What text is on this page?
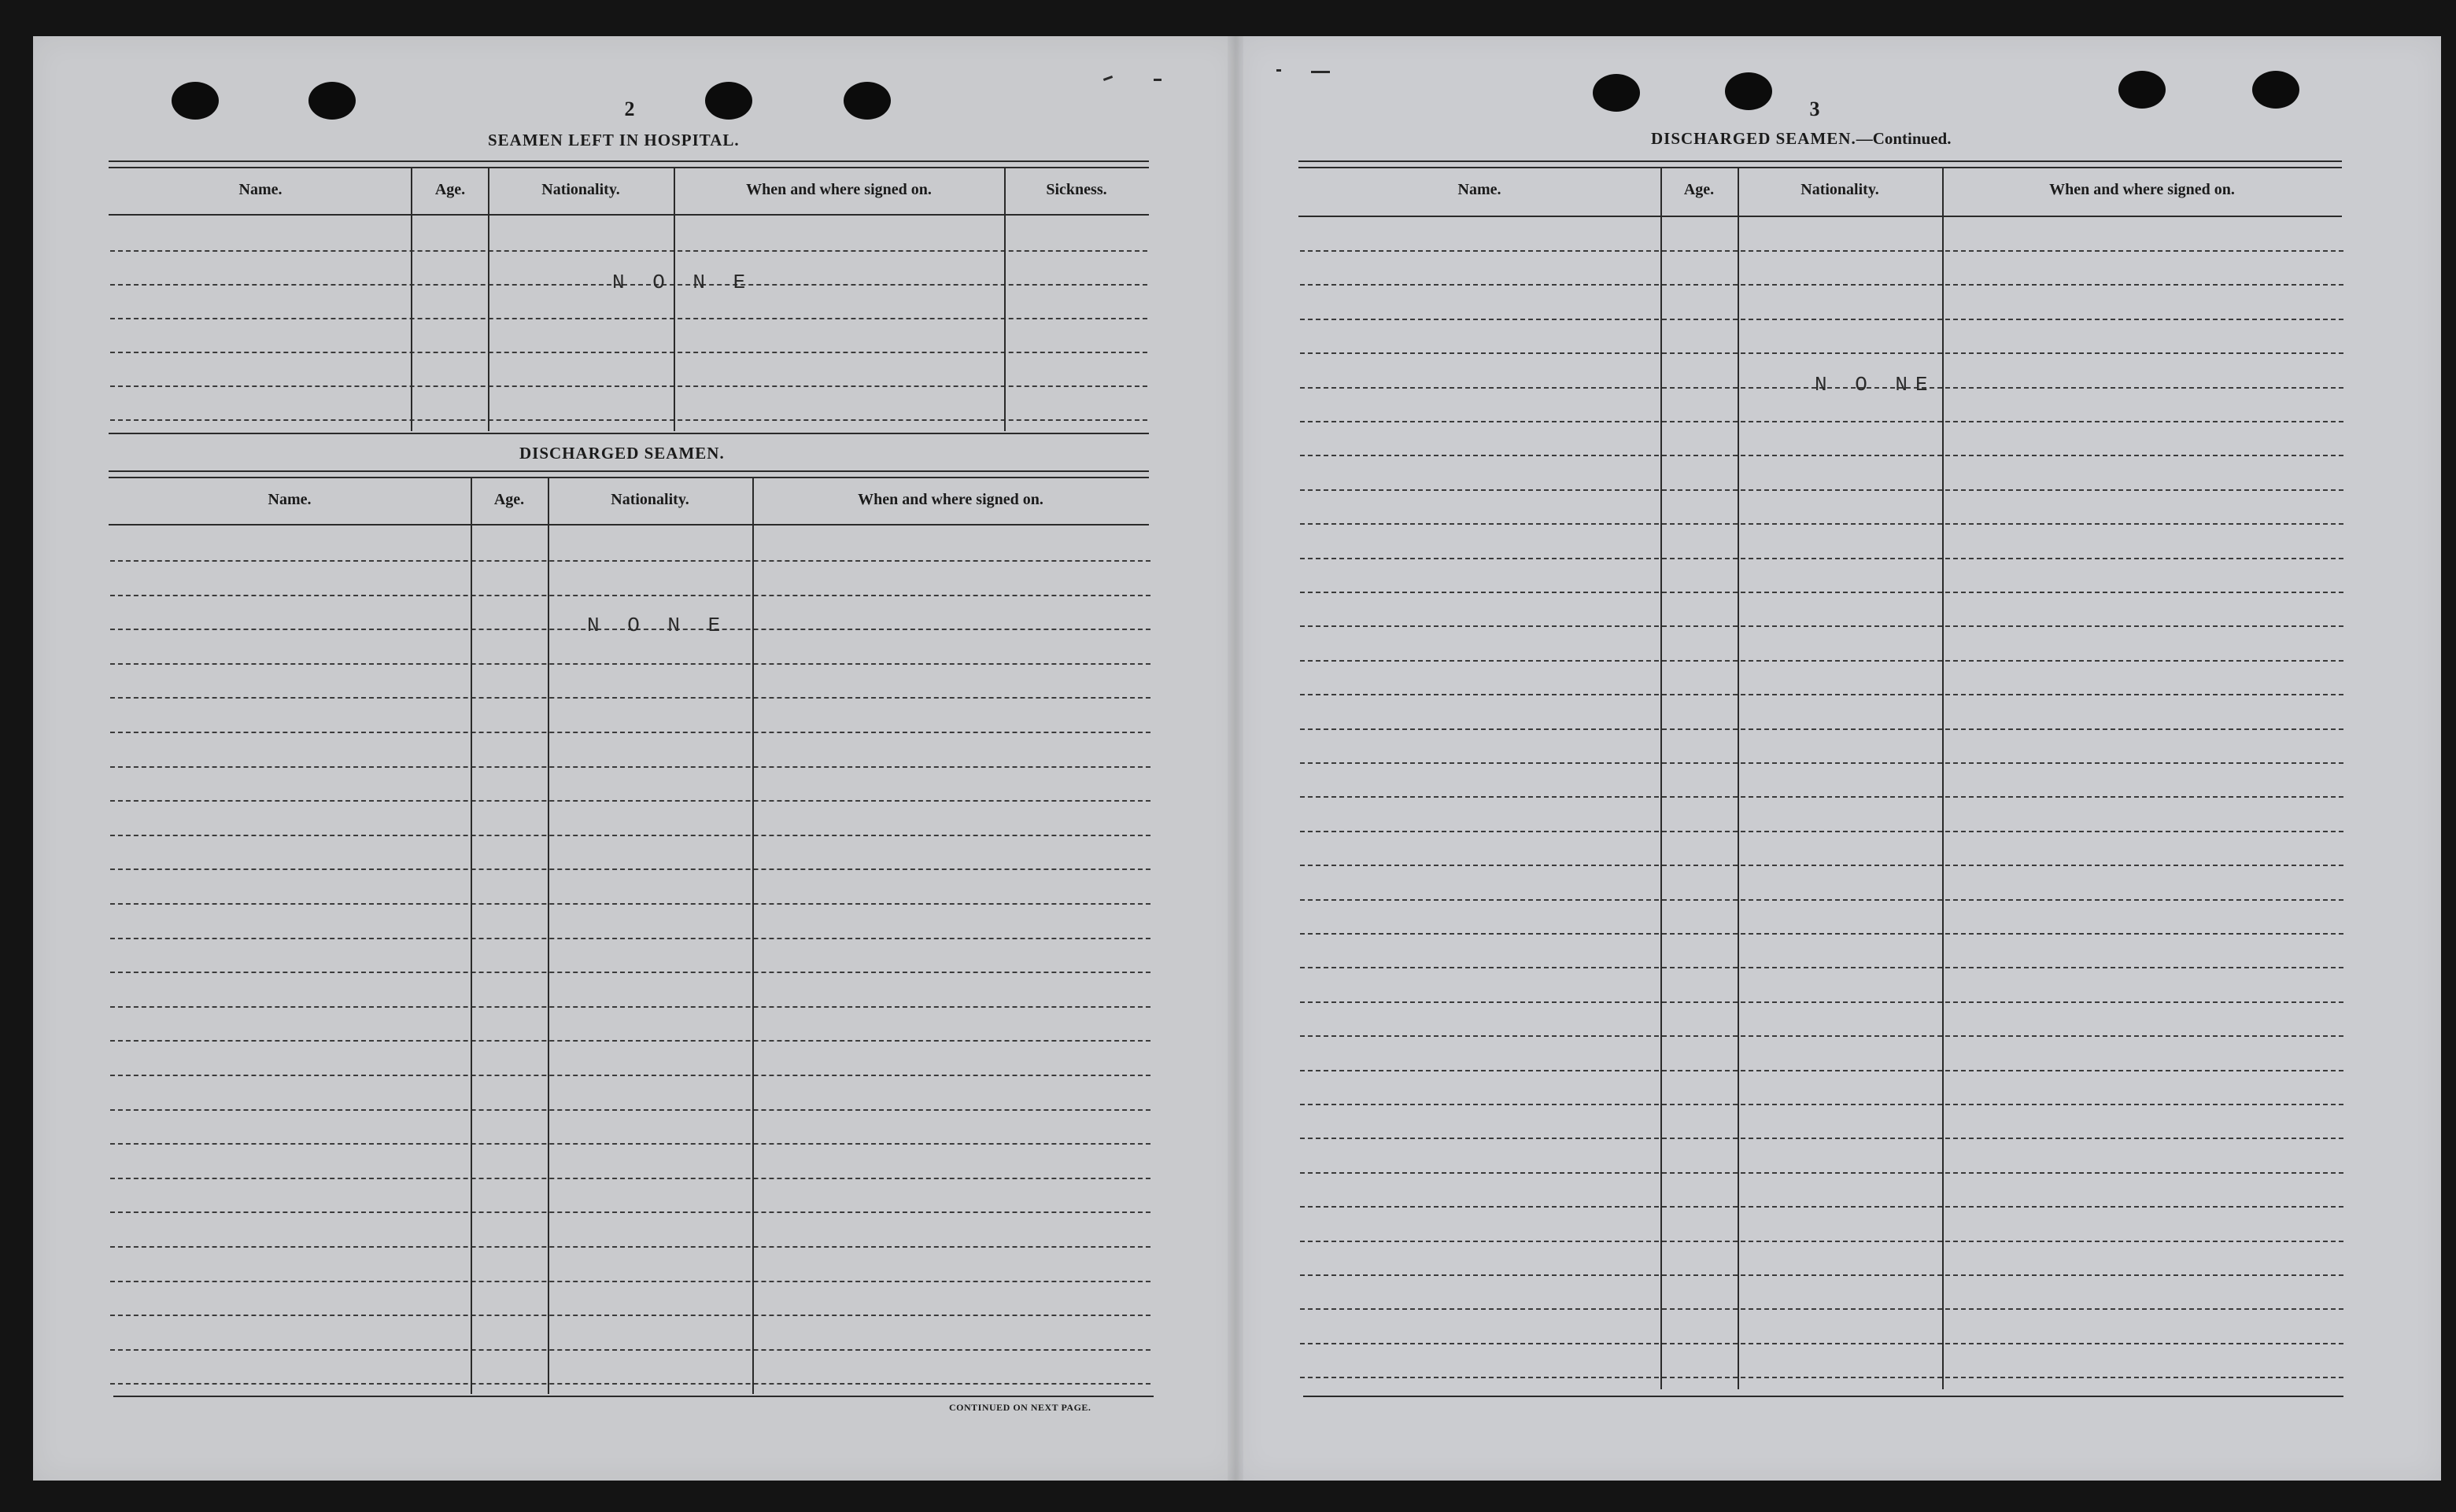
2
SEAMEN LEFT IN HOSPITAL.
Name.	Age.	Nationality.	When and where signed on.	Sickness.
N O N E
DISCHARGED SEAMEN.
Name.	Age.	Nationality.	When and where signed on.
N O N E
CONTINUED ON NEXT PAGE.
3
DISCHARGED SEAMEN.—Continued.
Name.	Age.	Nationality.	When and where signed on.
N O NE
